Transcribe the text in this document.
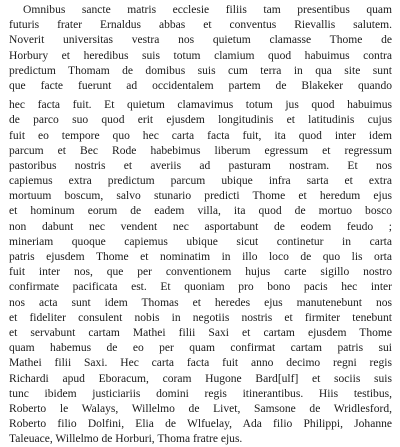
Omnibus sancte matris ecclesie filiis tam presentibus quam
futuris frater Ernaldus abbas et conventus Rievallis salutem.
Noverit universitas vestra nos quietum clamasse Thome de
Horbury et heredibus suis totum clamium quod habuimus contra
predictum Thomam de domibus suis cum terra in qua site sunt
que facte fuerunt ad occidentalem partem de Blakeker quando
hec facta fuit. Et quietum clamavimus totum jus quod habuimus
de parco suo quod erit ejusdem longitudinis et latitudinis cujus
fuit eo tempore quo hec carta facta fuit, ita quod inter idem
parcum et Bec Rode habebimus liberum egressum et regressum
pastoribus nostris et averiis ad pasturam nostram. Et nos
capiemus extra predictum parcum ubique infra sarta et extra
mortuum boscum, salvo stunario predicti Thome et heredum ejus
et hominum eorum de eadem villa, ita quod de mortuo bosco
non dabunt nec vendent nec asportabunt de eodem feudo ;
mineriam quoque capiemus ubique sicut continetur in carta
patris ejusdem Thome et nominatim in illo loco de quo lis orta
fuit inter nos, que per conventionem hujus carte sigillo nostro
confirmate pacificata est. Et quoniam pro bono pacis hec inter
nos acta sunt idem Thomas et heredes ejus manutenebunt nos
et fideliter consulent nobis in negotiis nostris et firmiter tenebunt
et servabunt cartam Mathei filii Saxi et cartam ejusdem Thome
quam habemus de eo per quam confirmat cartam patris sui
Mathei filii Saxi. Hec carta facta fuit anno decimo regni regis
Richardi apud Eboracum, coram Hugone Bard[ulf] et sociis suis
tunc ibidem justiciariis domini regis itinerantibus. Hiis testibus,
Roberto le Walays, Willelmo de Livet, Samsone de Wridlesford,
Roberto filio Dolfini, Elia de Wlfuelay, Ada filio Philippi, Johanne
Taleuace, Willelmo de Horburi, Thoma fratre ejus.
